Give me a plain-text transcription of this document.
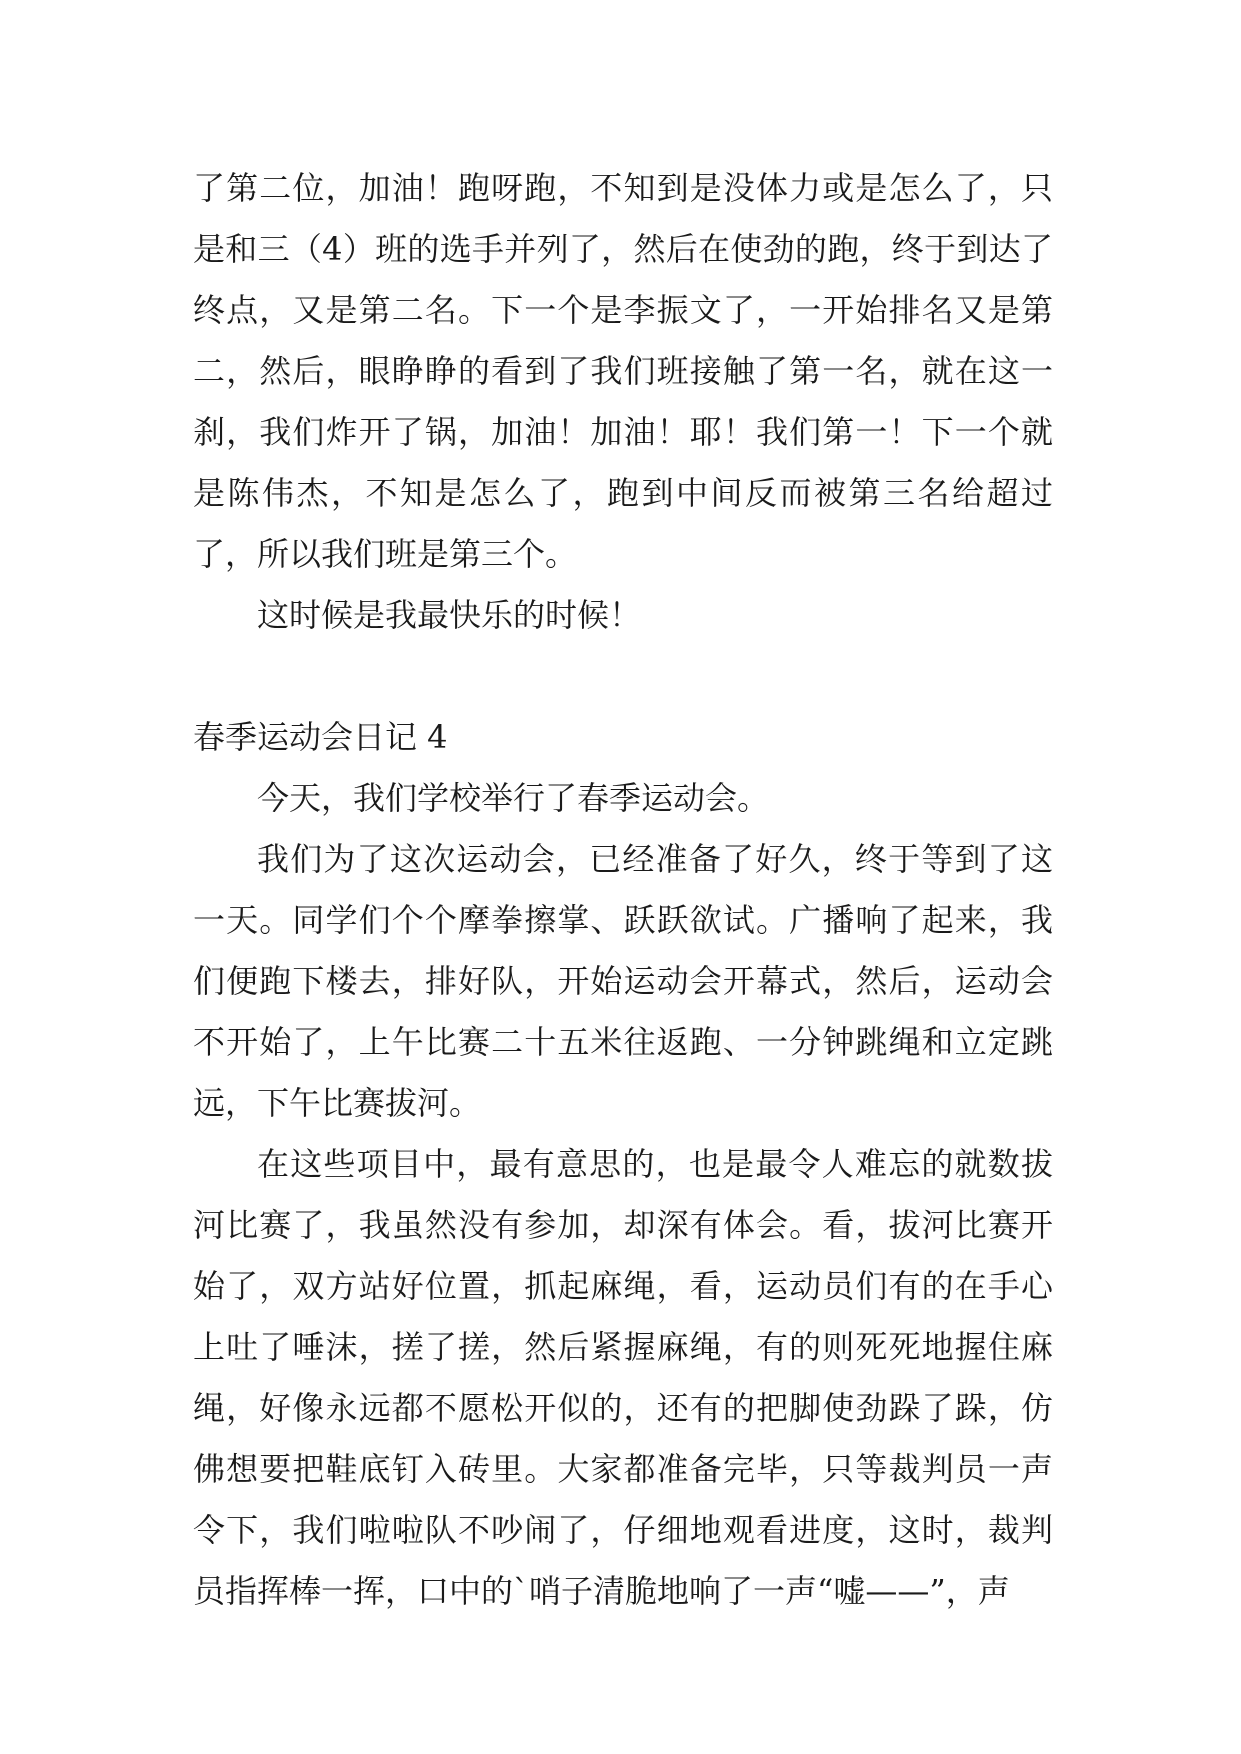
了第二位，加油！跑呀跑，不知到是没体力或是怎么了，只是和三（4）班的选手并列了，然后在使劲的跑，终于到达了终点，又是第二名。下一个是李振文了，一开始排名又是第二，然后，眼睁睁的看到了我们班接触了第一名，就在这一刹，我们炸开了锅，加油！加油！耶！我们第一！下一个就是陈伟杰，不知是怎么了，跑到中间反而被第三名给超过了，所以我们班是第三个。

这时候是我最快乐的时候！

春季运动会日记 4

今天，我们学校举行了春季运动会。

我们为了这次运动会，已经准备了好久，终于等到了这一天。同学们个个摩拳擦掌、跃跃欲试。广播响了起来，我们便跑下楼去，排好队，开始运动会开幕式，然后，运动会不开始了，上午比赛二十五米往返跑、一分钟跳绳和立定跳远，下午比赛拔河。

在这些项目中，最有意思的，也是最令人难忘的就数拔河比赛了，我虽然没有参加，却深有体会。看，拔河比赛开始了，双方站好位置，抓起麻绳，看，运动员们有的在手心上吐了唾沫，搓了搓，然后紧握麻绳，有的则死死地握住麻绳，好像永远都不愿松开似的，还有的把脚使劲跺了跺，仿佛想要把鞋底钉入砖里。大家都准备完毕，只等裁判员一声令下，我们啦啦队不吵闹了，仔细地观看进度，这时，裁判员指挥棒一挥，口中的`哨子清脆地响了一声“嘘——”，声
